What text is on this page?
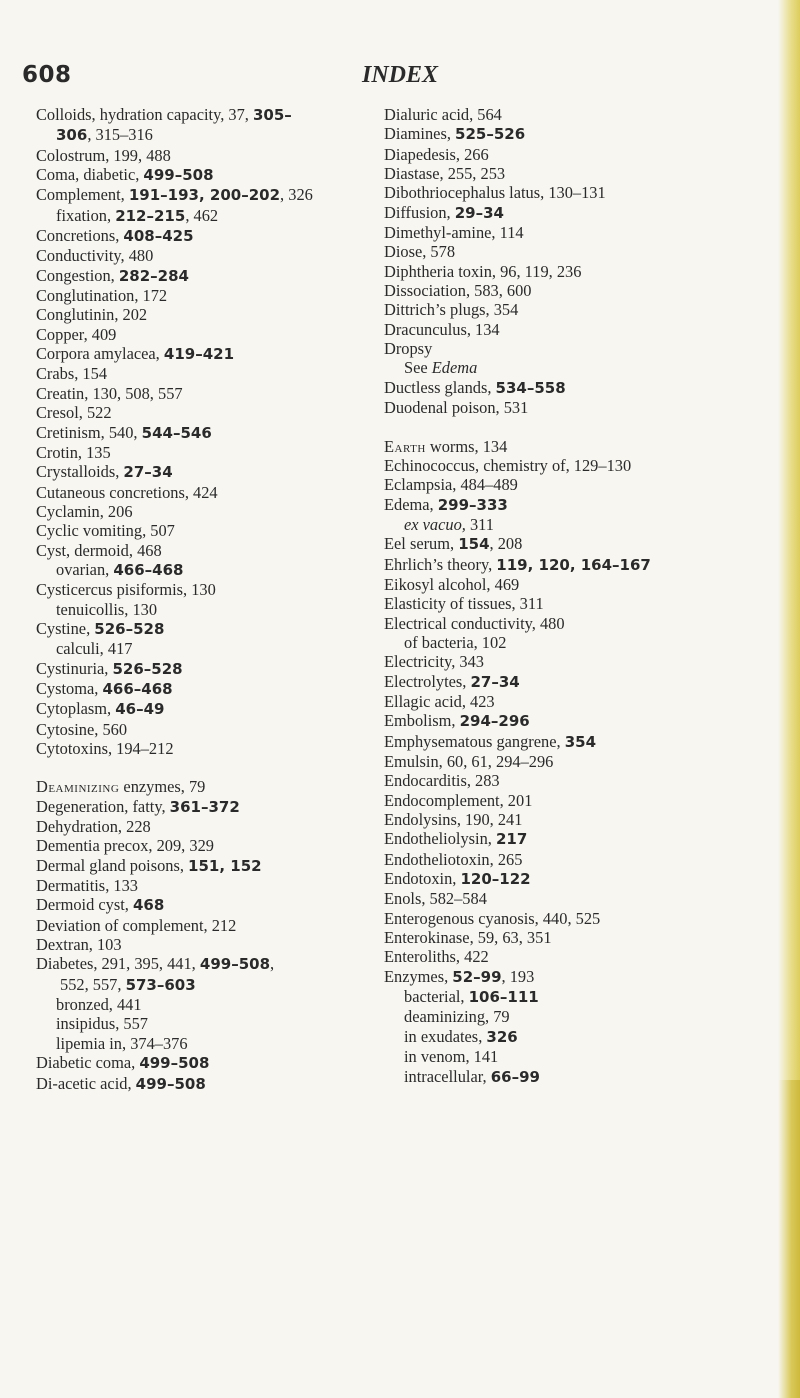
608	INDEX
Colloids, hydration capacity, 37, 305–
306, 315–316
Colostrum, 199, 488
Coma, diabetic, 499–508
Complement, 191–193, 200–202, 326
fixation, 212–215, 462
Concretions, 408–425
Conductivity, 480
Congestion, 282–284
Conglutination, 172
Conglutinin, 202
Copper, 409
Corpora amylacea, 419–421
Crabs, 154
Creatin, 130, 508, 557
Cresol, 522
Cretinism, 540, 544–546
Crotin, 135
Crystalloids, 27–34
Cutaneous concretions, 424
Cyclamin, 206
Cyclic vomiting, 507
Cyst, dermoid, 468
ovarian, 466–468
Cysticercus pisiformis, 130
tenuicollis, 130
Cystine, 526–528
calculi, 417
Cystinuria, 526–528
Cystoma, 466–468
Cytoplasm, 46–49
Cytosine, 560
Cytotoxins, 194–212
Deaminizing enzymes, 79
Degeneration, fatty, 361–372
Dehydration, 228
Dementia precox, 209, 329
Dermal gland poisons, 151, 152
Dermatitis, 133
Dermoid cyst, 468
Deviation of complement, 212
Dextran, 103
Diabetes, 291, 395, 441, 499–508,
552, 557, 573–603
bronzed, 441
insipidus, 557
lipemia in, 374–376
Diabetic coma, 499–508
Di-acetic acid, 499–508
Dialuric acid, 564
Diamines, 525–526
Diapedesis, 266
Diastase, 255, 253
Dibothriocephalus latus, 130–131
Diffusion, 29–34
Dimethyl-amine, 114
Diose, 578
Diphtheria toxin, 96, 119, 236
Dissociation, 583, 600
Dittrich’s plugs, 354
Dracunculus, 134
Dropsy
See Edema
Ductless glands, 534–558
Duodenal poison, 531
Earth worms, 134
Echinococcus, chemistry of, 129–130
Eclampsia, 484–489
Edema, 299–333
ex vacuo, 311
Eel serum, 154, 208
Ehrlich’s theory, 119, 120, 164–167
Eikosyl alcohol, 469
Elasticity of tissues, 311
Electrical conductivity, 480
of bacteria, 102
Electricity, 343
Electrolytes, 27–34
Ellagic acid, 423
Embolism, 294–296
Emphysematous gangrene, 354
Emulsin, 60, 61, 294–296
Endocarditis, 283
Endocomplement, 201
Endolysins, 190, 241
Endotheliolysin, 217
Endotheliotoxin, 265
Endotoxin, 120–122
Enols, 582–584
Enterogenous cyanosis, 440, 525
Enterokinase, 59, 63, 351
Enteroliths, 422
Enzymes, 52–99, 193
bacterial, 106–111
deaminizing, 79
in exudates, 326
in venom, 141
intracellular, 66–99
